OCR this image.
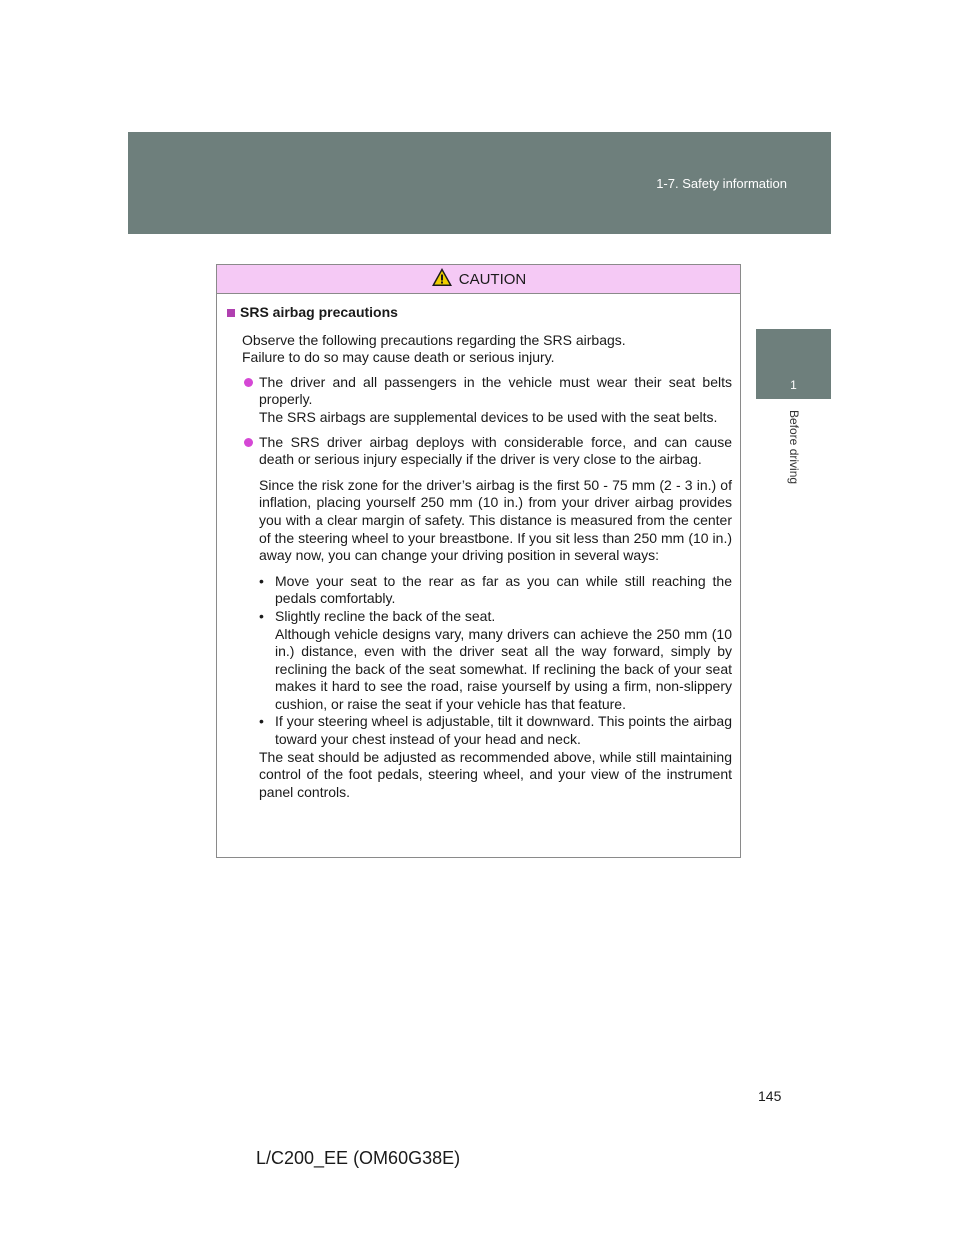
1-7. Safety information
1
Before driving
CAUTION
SRS airbag precautions
Observe the following precautions regarding the SRS airbags.
Failure to do so may cause death or serious injury.
The driver and all passengers in the vehicle must wear their seat belts properly.
The SRS airbags are supplemental devices to be used with the seat belts.
The SRS driver airbag deploys with considerable force, and can cause death or serious injury especially if the driver is very close to the airbag.
Since the risk zone for the driver’s airbag is the first 50 - 75 mm (2 - 3 in.) of inflation, placing yourself 250 mm (10 in.) from your driver airbag provides you with a clear margin of safety. This distance is measured from the center of the steering wheel to your breastbone. If you sit less than 250 mm (10 in.) away now, you can change your driving position in several ways:
• Move your seat to the rear as far as you can while still reaching the pedals comfortably.
• Slightly recline the back of the seat.
Although vehicle designs vary, many drivers can achieve the 250 mm (10 in.) distance, even with the driver seat all the way forward, simply by reclining the back of the seat somewhat. If reclining the back of your seat makes it hard to see the road, raise yourself by using a firm, non-slippery cushion, or raise the seat if your vehicle has that feature.
• If your steering wheel is adjustable, tilt it downward. This points the airbag toward your chest instead of your head and neck.
The seat should be adjusted as recommended above, while still maintaining control of the foot pedals, steering wheel, and your view of the instrument panel controls.
145
L/C200_EE (OM60G38E)
